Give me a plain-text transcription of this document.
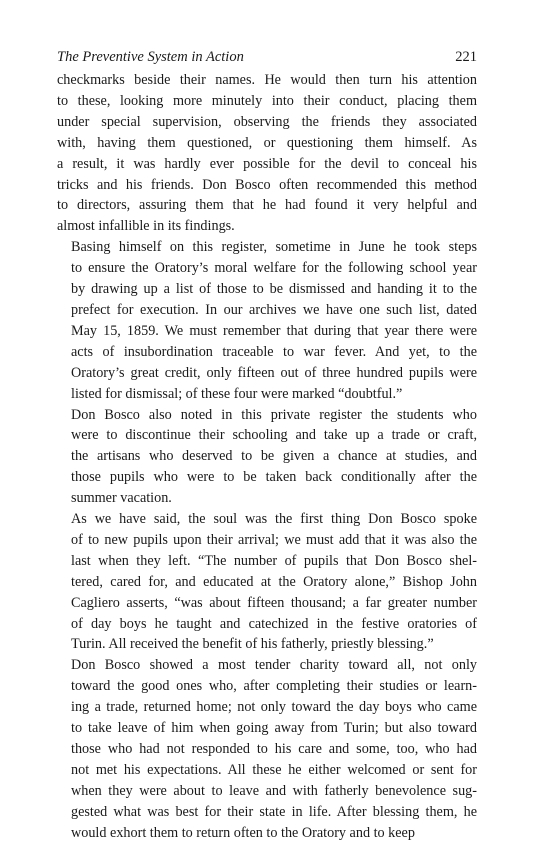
The Preventive System in Action	221

checkmarks beside their names. He would then turn his attention
to these, looking more minutely into their conduct, placing them
under special supervision, observing the friends they associated
with, having them questioned, or questioning them himself. As
a result, it was hardly ever possible for the devil to conceal his
tricks and his friends. Don Bosco often recommended this method
to directors, assuring them that he had found it very helpful and
almost infallible in its findings.

Basing himself on this register, sometime in June he took steps
to ensure the Oratory’s moral welfare for the following school year
by drawing up a list of those to be dismissed and handing it to the
prefect for execution. In our archives we have one such list, dated
May 15, 1859. We must remember that during that year there were
acts of insubordination traceable to war fever. And yet, to the
Oratory’s great credit, only fifteen out of three hundred pupils were
listed for dismissal; of these four were marked “doubtful.”

Don Bosco also noted in this private register the students who
were to discontinue their schooling and take up a trade or craft,
the artisans who deserved to be given a chance at studies, and
those pupils who were to be taken back conditionally after the
summer vacation.

As we have said, the soul was the first thing Don Bosco spoke
of to new pupils upon their arrival; we must add that it was also the
last when they left. “The number of pupils that Don Bosco shel-
tered, cared for, and educated at the Oratory alone,” Bishop John
Cagliero asserts, “was about fifteen thousand; a far greater number
of day boys he taught and catechized in the festive oratories of
Turin. All received the benefit of his fatherly, priestly blessing.”

Don Bosco showed a most tender charity toward all, not only
toward the good ones who, after completing their studies or learn-
ing a trade, returned home; not only toward the day boys who came
to take leave of him when going away from Turin; but also toward
those who had not responded to his care and some, too, who had
not met his expectations. All these he either welcomed or sent for
when they were about to leave and with fatherly benevolence sug-
gested what was best for their state in life. After blessing them, he
would exhort them to return often to the Oratory and to keep
